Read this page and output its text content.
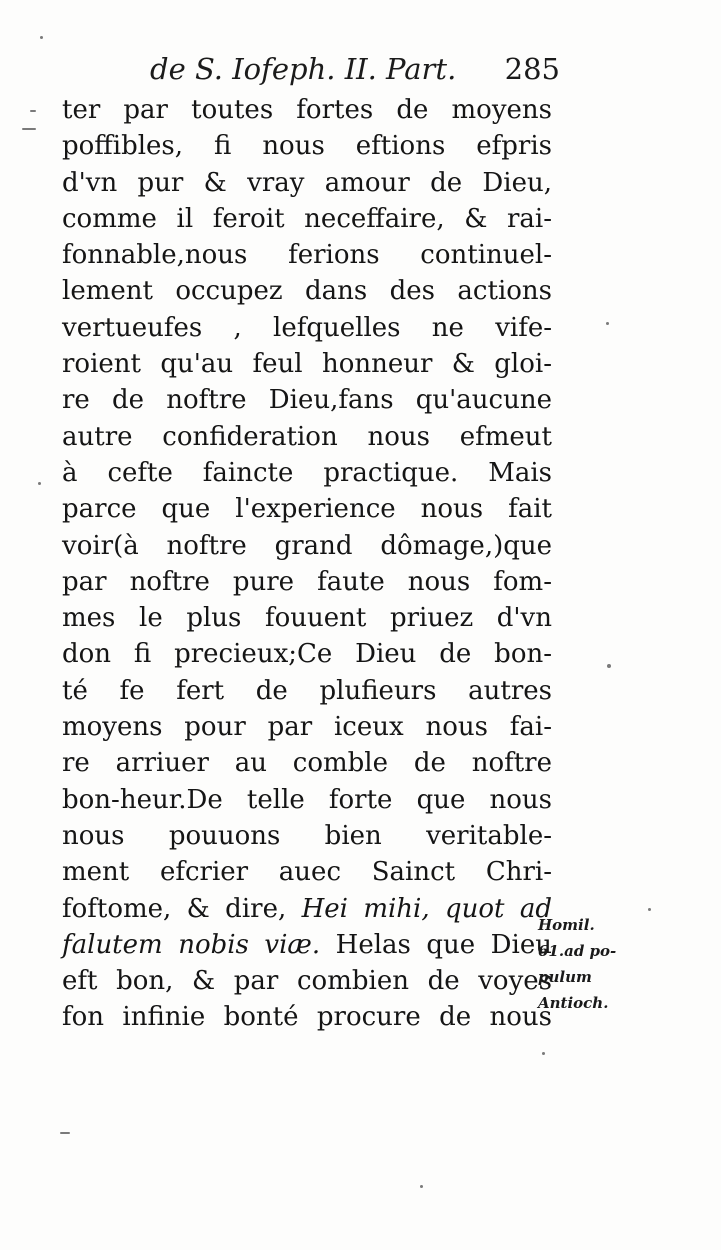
de S. Iofeph. II. Part. 285
ter par toutes fortes de moyens
poffibles, fi nous eftions efpris
d'vn pur & vray amour de Dieu,
comme il feroit neceffaire, & rai-
fonnable,nous ferions continuel-
lement occupez dans des actions
vertueufes , lefquelles ne vife-
roient qu'au feul honneur & gloi-
re de noftre Dieu,fans qu'aucune
autre confideration nous efmeut
à cefte faincte practique. Mais
parce que l'experience nous fait
voir(à noftre grand dômage,)que
par noftre pure faute nous fom-
mes le plus fouuent priuez d'vn
don fi precieux;Ce Dieu de bon-
té fe fert de plufieurs autres
moyens pour par iceux nous fai-
re arriuer au comble de noftre
bon-heur.De telle forte que nous
nous pouuons bien veritable-
ment efcrier auec Sainct Chri-
foftome, & dire, Hei mihi, quot ad
falutem nobis viæ. Helas que Dieu
eft bon, & par combien de voyes
fon infinie bonté procure de nous
Homil.
61.ad po-
pulum
Antioch.
